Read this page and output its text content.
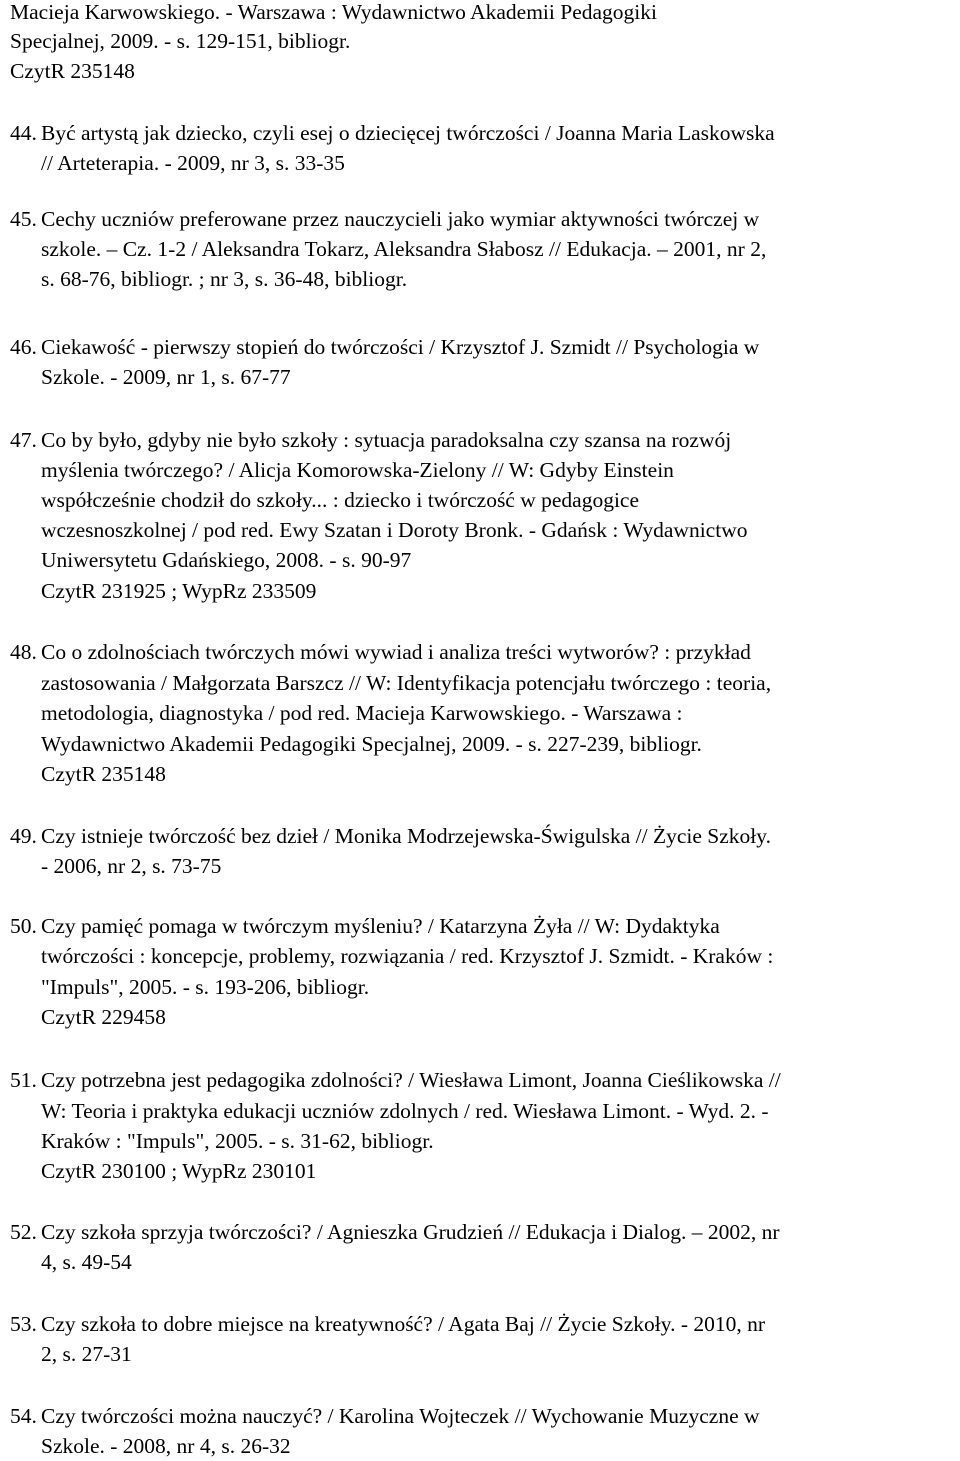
Macieja Karwowskiego. - Warszawa : Wydawnictwo Akademii Pedagogiki
Specjalnej, 2009. - s. 129-151, bibliogr.
CzytR 235148
44. Być artystą jak dziecko, czyli esej o dziecięcej twórczości / Joanna Maria Laskowska
// Arteterapia. - 2009, nr 3, s. 33-35
45. Cechy uczniów preferowane przez nauczycieli jako wymiar aktywności twórczej w
szkole. – Cz. 1-2 / Aleksandra Tokarz, Aleksandra Słabosz // Edukacja. – 2001, nr 2,
s. 68-76, bibliogr. ; nr 3, s. 36-48, bibliogr.
46. Ciekawość - pierwszy stopień do twórczości / Krzysztof J. Szmidt // Psychologia w
Szkole. - 2009, nr 1, s. 67-77
47. Co by było, gdyby nie było szkoły : sytuacja paradoksalna czy szansa na rozwój
myślenia twórczego? / Alicja Komorowska-Zielony // W: Gdyby Einstein
współcześnie chodził do szkoły... : dziecko i twórczość w pedagogice
wczesnoszkolnej / pod red. Ewy Szatan i Doroty Bronk. - Gdańsk : Wydawnictwo
Uniwersytetu Gdańskiego, 2008. - s. 90-97
CzytR 231925 ; WypRz 233509
48. Co o zdolnościach twórczych mówi wywiad i analiza treści wytworów? : przykład
zastosowania / Małgorzata Barszcz // W: Identyfikacja potencjału twórczego : teoria,
metodologia, diagnostyka / pod red. Macieja Karwowskiego. - Warszawa :
Wydawnictwo Akademii Pedagogiki Specjalnej, 2009. - s. 227-239, bibliogr.
CzytR 235148
49. Czy istnieje twórczość bez dzieł / Monika Modrzejewska-Świgulska // Życie Szkoły.
- 2006, nr 2, s. 73-75
50. Czy pamięć pomaga w twórczym myśleniu? / Katarzyna Żyła // W: Dydaktyka
twórczości : koncepcje, problemy, rozwiązania / red. Krzysztof J. Szmidt. - Kraków :
"Impuls", 2005. - s. 193-206, bibliogr.
CzytR 229458
51. Czy potrzebna jest pedagogika zdolności? / Wiesława Limont, Joanna Cieślikowska //
W: Teoria i praktyka edukacji uczniów zdolnych / red. Wiesława Limont. - Wyd. 2. -
Kraków : "Impuls", 2005. - s. 31-62, bibliogr.
CzytR 230100 ; WypRz 230101
52. Czy szkoła sprzyja twórczości? / Agnieszka Grudzień // Edukacja i Dialog. – 2002, nr
4, s. 49-54
53. Czy szkoła to dobre miejsce na kreatywność? / Agata Baj // Życie Szkoły. - 2010, nr
2, s. 27-31
54. Czy twórczości można nauczyć? / Karolina Wojteczek // Wychowanie Muzyczne w
Szkole. - 2008, nr 4, s. 26-32
